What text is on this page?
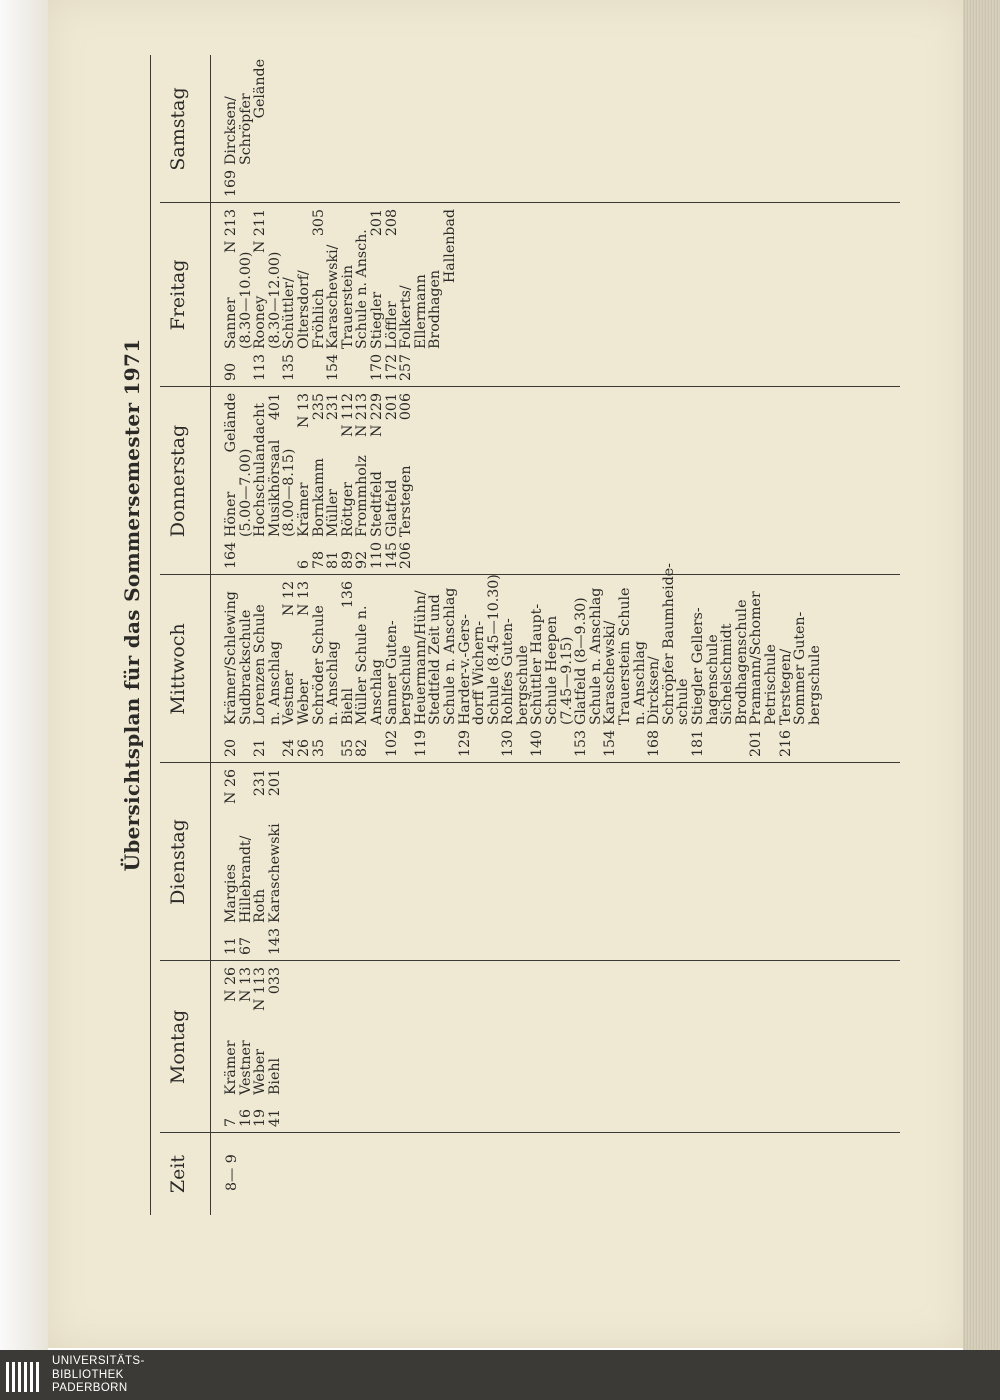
Übersichtsplan für das Sommersemester 1971
Zeit
Montag
Dienstag
Mittwoch
Donnerstag
Freitag
Samstag
8— 9
7
Krämer
N 26
16
Vestner
N 13
19
Weber
N 113
41
Biehl
033
11
Margies
N 26
67
Hillebrandt/
Roth
231
143
Karaschewski
201
20
Krämer/Schlewing
Sudbrackschule
21
Lorenzen Schule
n. Anschlag
24
Vestner
N 12
26
Weber
N 13
35
Schröder Schule
n. Anschlag
55
Biehl
136
82
Müller Schule n.
Anschlag
102
Sanner Guten-
bergschule
119
Heuermann/Hühn/
Stedtfeld Zeit und
Schule n. Anschlag
129
Harder-v.-Gers-
dorff Wichern-
Schule (8.45—10.30)
130
Rohlfes Guten-
bergschule
140
Schüttler Haupt-
Schule Heepen
(7.45—9.15)
153
Glatfeld (8—9.30)
Schule n. Anschlag
154
Karaschewski/
Trauerstein Schule
n. Anschlag
168
Dircksen/
Schröpfer Baumheide-
schule
181
Stiegler Gellers-
hagenschule
Sichelschmidt
Brodhagenschule
201
Pramann/Schomer
Petrischule
216
Terstegen/
Sommer Guten-
bergschule
164
Höner
Gelände
(5.00—7.00)
Hochschulandacht
Musikhörsaal
401
(8.00—8.15)
6
Krämer
N 13
78
Bornkamm
235
81
Müller
231
89
Röttger
N 112
92
Frommholz
N 213
110
Stedtfeld
N 229
145
Glatfeld
201
206
Terstegen
006
90
Sanner
N 213
(8.30—10.00)
113
Rooney
N 211
(8.30—12.00)
135
Schüttler/
Oltersdorf/
Fröhlich
305
154
Karaschewski/
Trauerstein
Schule n. Ansch.
170
Stiegler
201
172
Löffler
208
257
Folkerts/
Ellermann
Brodhagen
Hallenbad
169
Dircksen/
Schröpfer
Gelände
UNIVERSITÄTS-
BIBLIOTHEK
PADERBORN
